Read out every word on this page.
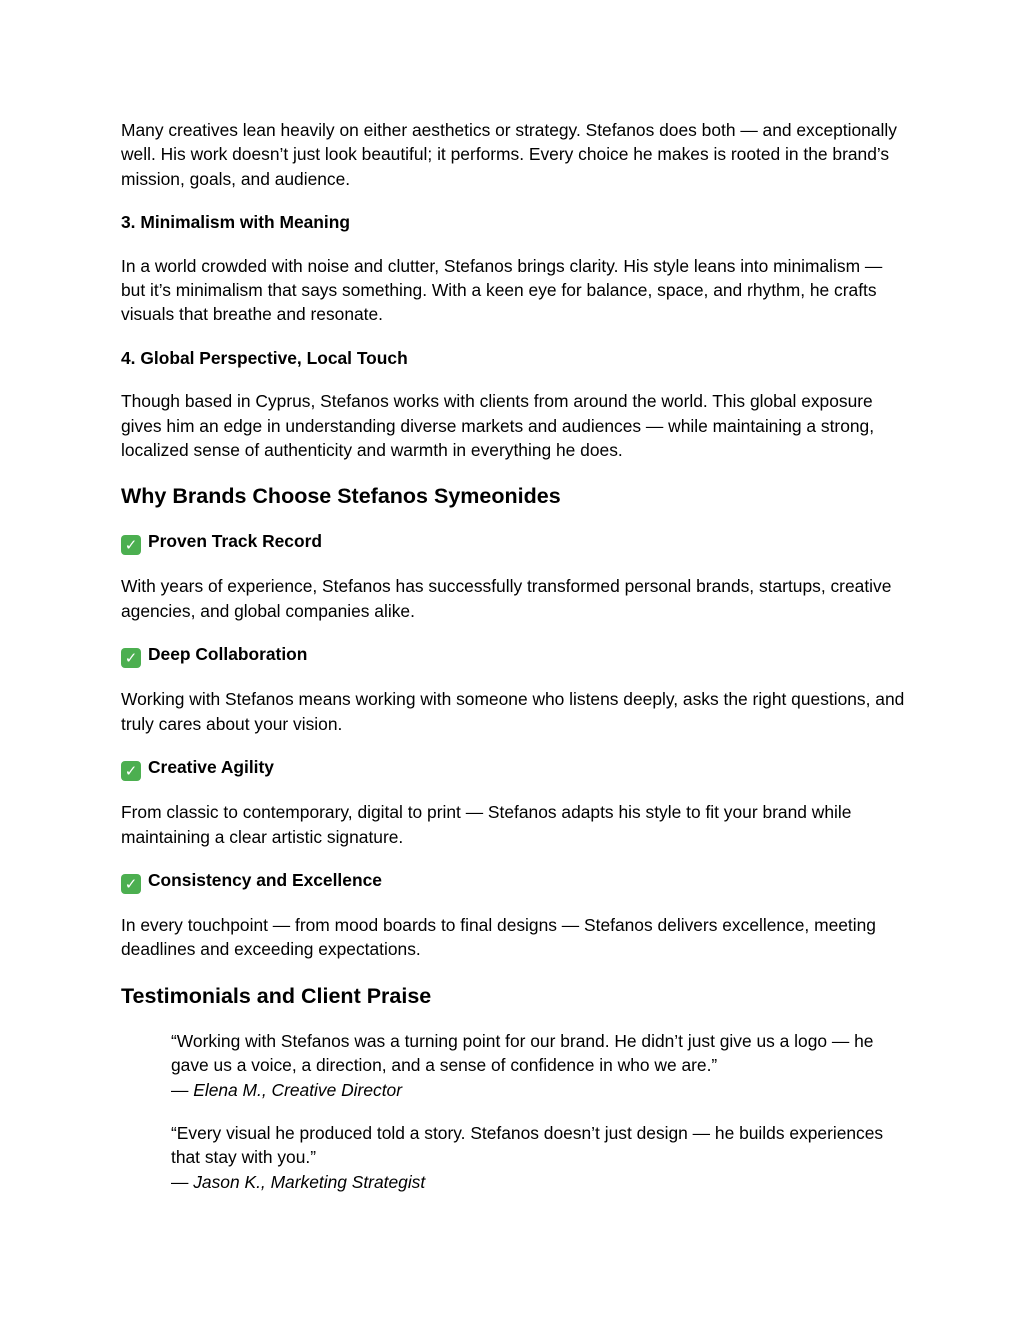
Many creatives lean heavily on either aesthetics or strategy. Stefanos does both — and exceptionally well. His work doesn’t just look beautiful; it performs. Every choice he makes is rooted in the brand’s mission, goals, and audience.

3. Minimalism with Meaning

In a world crowded with noise and clutter, Stefanos brings clarity. His style leans into minimalism — but it’s minimalism that says something. With a keen eye for balance, space, and rhythm, he crafts visuals that breathe and resonate.

4. Global Perspective, Local Touch

Though based in Cyprus, Stefanos works with clients from around the world. This global exposure gives him an edge in understanding diverse markets and audiences — while maintaining a strong, localized sense of authenticity and warmth in everything he does.

Why Brands Choose Stefanos Symeonides
✓ Proven Track Record

With years of experience, Stefanos has successfully transformed personal brands, startups, creative agencies, and global companies alike.

✓ Deep Collaboration

Working with Stefanos means working with someone who listens deeply, asks the right questions, and truly cares about your vision.

✓ Creative Agility

From classic to contemporary, digital to print — Stefanos adapts his style to fit your brand while maintaining a clear artistic signature.

✓ Consistency and Excellence

In every touchpoint — from mood boards to final designs — Stefanos delivers excellence, meeting deadlines and exceeding expectations.

Testimonials and Client Praise

“Working with Stefanos was a turning point for our brand. He didn’t just give us a logo — he gave us a voice, a direction, and a sense of confidence in who we are.”

— Elena M., Creative Director

“Every visual he produced told a story. Stefanos doesn’t just design — he builds experiences that stay with you.”

— Jason K., Marketing Strategist
